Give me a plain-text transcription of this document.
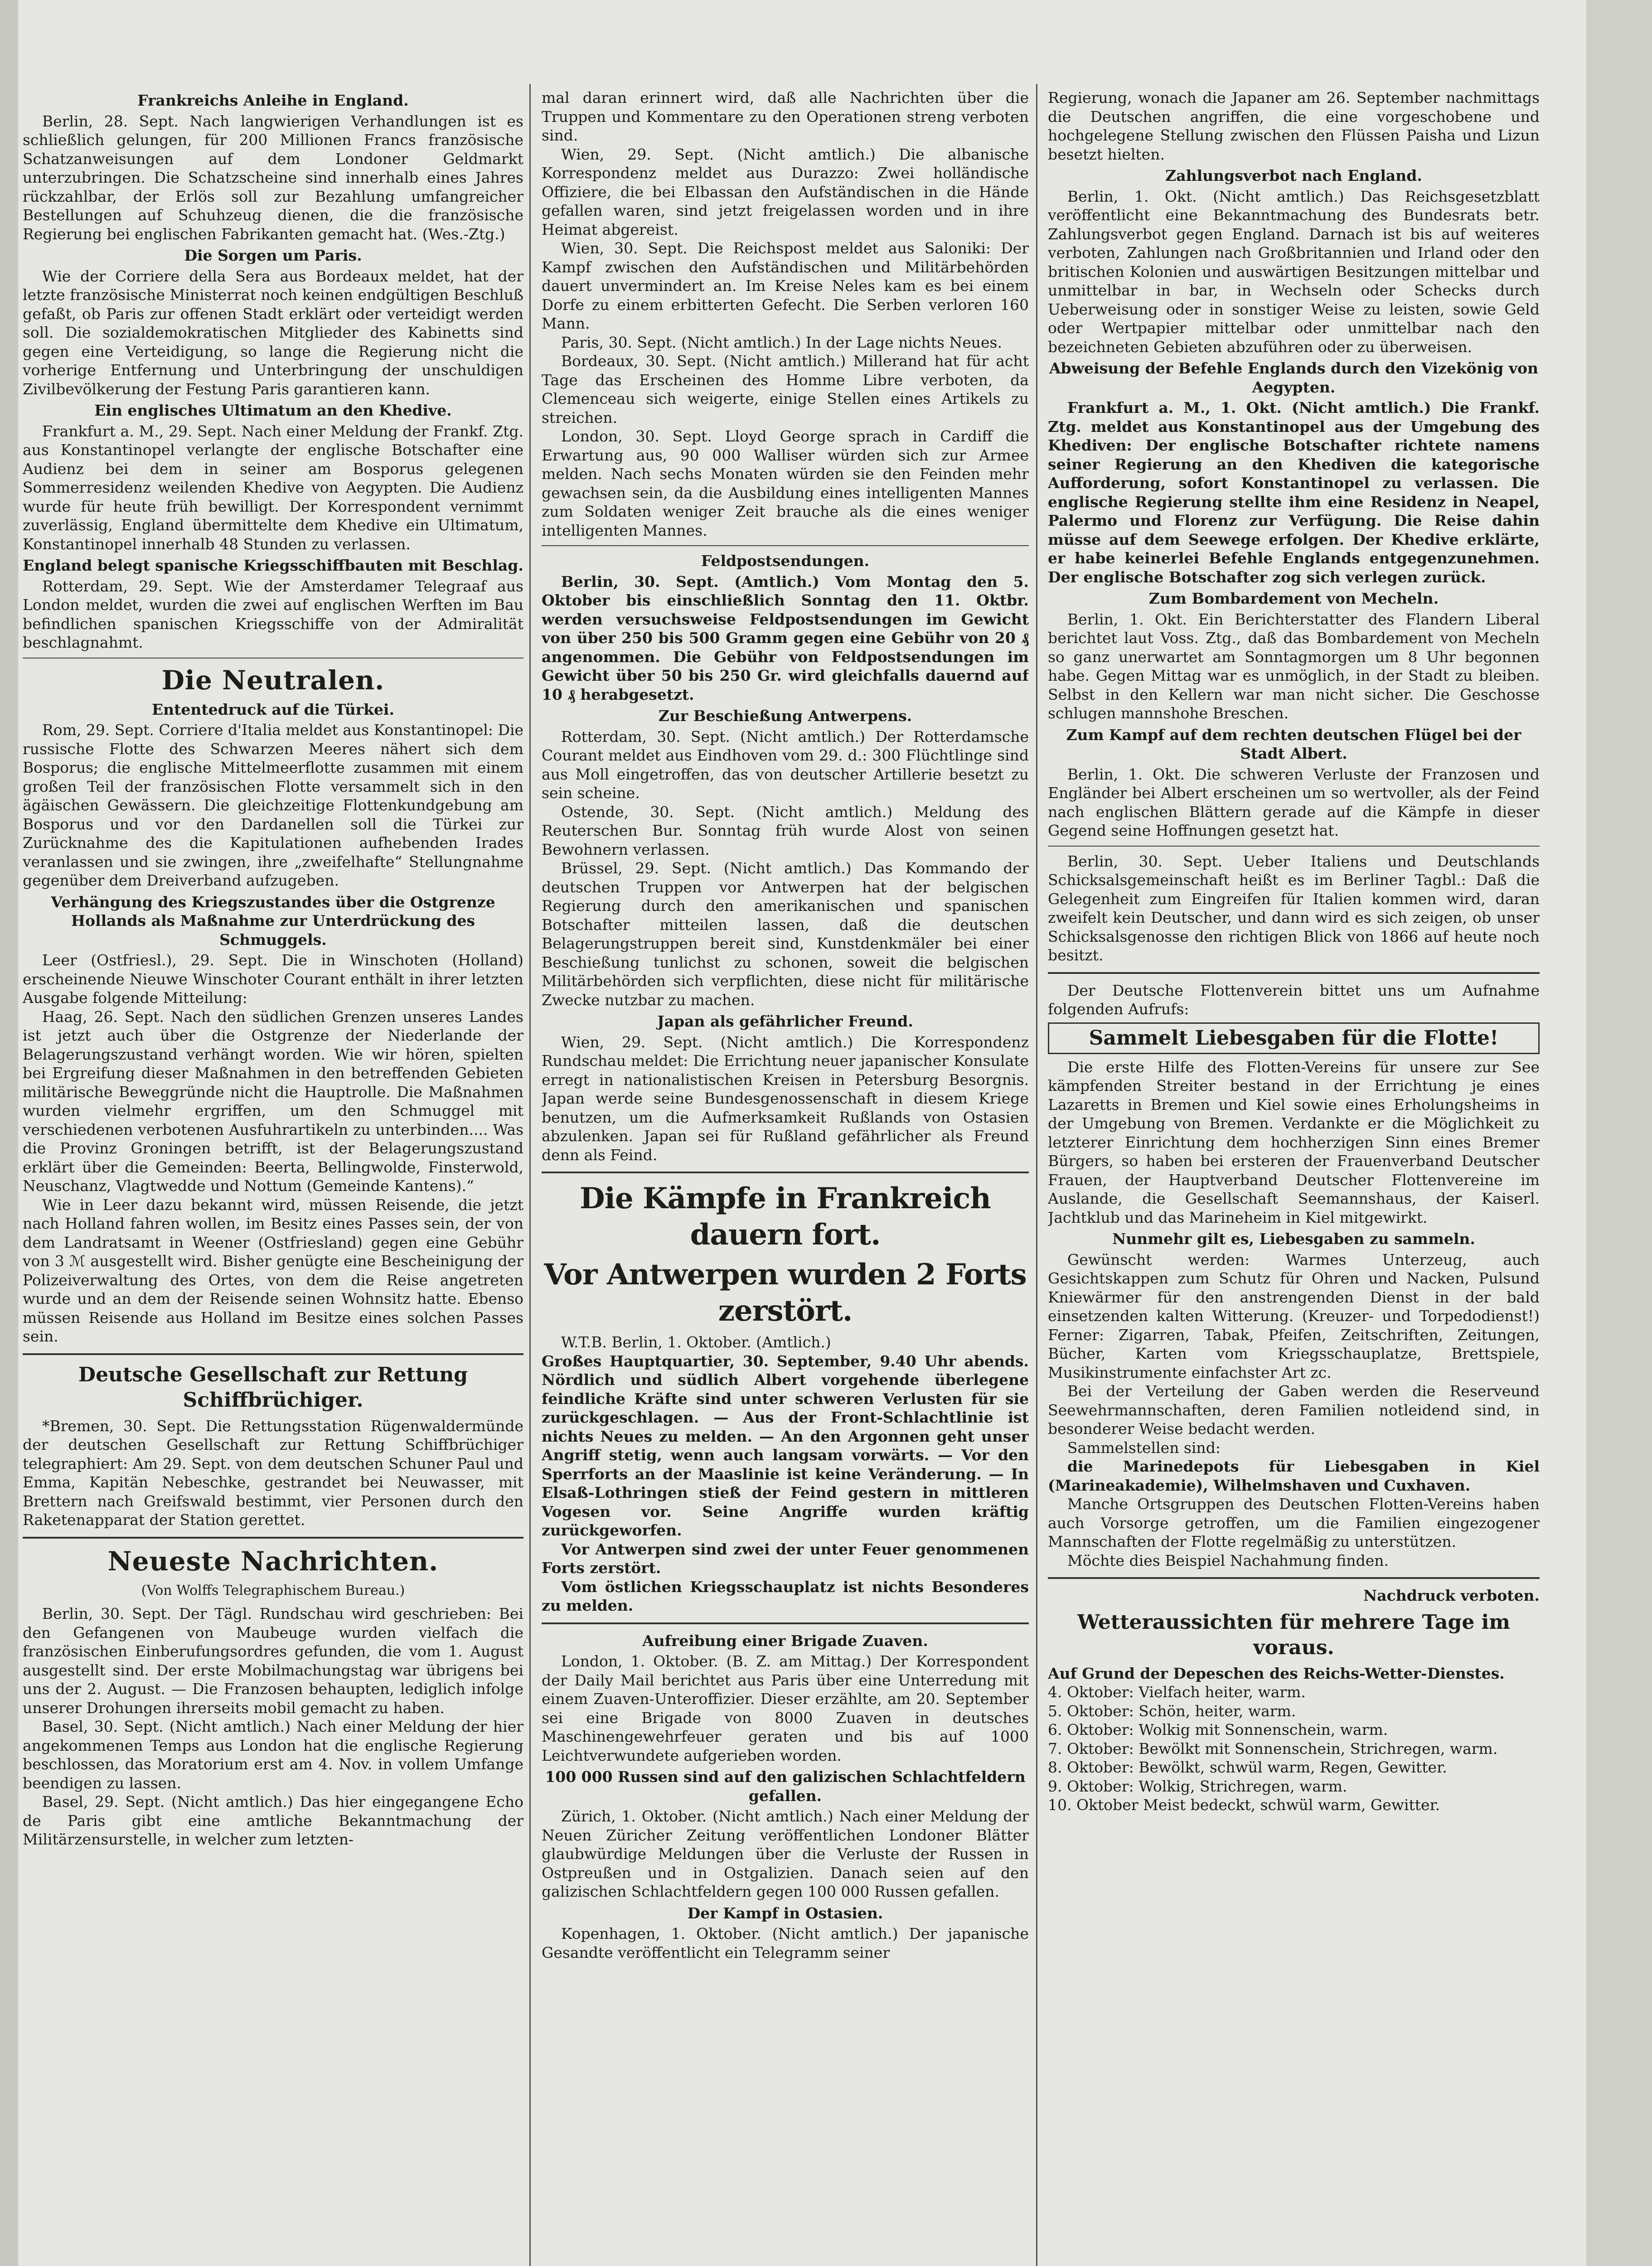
Frankreichs Anleihe in England.

Berlin, 28. Sept. Nach langwierigen Verhandlungen ist es schließlich gelungen, für 200 Millionen Francs französische Schatzanweisungen auf dem Londoner Geldmarkt unterzubringen. Die Schatzscheine sind innerhalb eines Jahres rückzahlbar, der Erlös soll zur Bezahlung umfangreicher Bestellungen auf Schuhzeug dienen, die die französische Regierung bei englischen Fabrikanten gemacht hat. (Wes.-Ztg.)

Die Sorgen um Paris.

Wie der Corriere della Sera aus Bordeaux meldet, hat der letzte französische Ministerrat noch keinen endgültigen Beschluß gefaßt, ob Paris zur offenen Stadt erklärt oder verteidigt werden soll. Die sozialdemokratischen Mitglieder des Kabinetts sind gegen eine Verteidigung, so lange die Regierung nicht die vorherige Entfernung und Unterbringung der unschuldigen Zivilbevölkerung der Festung Paris garantieren kann.

Ein englisches Ultimatum an den Khedive.

Frankfurt a. M., 29. Sept. Nach einer Meldung der Frankf. Ztg. aus Konstantinopel verlangte der englische Botschafter eine Audienz bei dem in seiner am Bosporus gelegenen Sommerresidenz weilenden Khedive von Aegypten. Die Audienz wurde für heute früh bewilligt. Der Korrespondent vernimmt zuverlässig, England übermittelte dem Khedive ein Ultimatum, Konstantinopel innerhalb 48 Stunden zu verlassen.

England belegt spanische Kriegsschiffbauten mit Beschlag.

Rotterdam, 29. Sept. Wie der Amsterdamer Telegraaf aus London meldet, wurden die zwei auf englischen Werften im Bau befindlichen spanischen Kriegsschiffe von der Admiralität beschlagnahmt.

Die Neutralen.
Ententedruck auf die Türkei.

Rom, 29. Sept. Corriere d'Italia meldet aus Konstantinopel: Die russische Flotte des Schwarzen Meeres nähert sich dem Bosporus; die englische Mittelmeerflotte zusammen mit einem großen Teil der französischen Flotte versammelt sich in den ägäischen Gewässern. Die gleichzeitige Flottenkundgebung am Bosporus und vor den Dardanellen soll die Türkei zur Zurücknahme des die Kapitulationen aufhebenden Irades veranlassen und sie zwingen, ihre „zweifelhafte“ Stellungnahme gegenüber dem Dreiverband aufzugeben.

Verhängung des Kriegszustandes über die Ostgrenze Hollands als Maßnahme zur Unterdrückung des Schmuggels.

Leer (Ostfriesl.), 29. Sept. Die in Winschoten (Holland) erscheinende Nieuwe Winschoter Courant enthält in ihrer letzten Ausgabe folgende Mitteilung:

Haag, 26. Sept. Nach den südlichen Grenzen unseres Landes ist jetzt auch über die Ostgrenze der Niederlande der Belagerungszustand verhängt worden. Wie wir hören, spielten bei Ergreifung dieser Maßnahmen in den betreffenden Gebieten militärische Beweggründe nicht die Hauptrolle. Die Maßnahmen wurden vielmehr ergriffen, um den Schmuggel mit verschiedenen verbotenen Ausfuhrartikeln zu unterbinden.... Was die Provinz Groningen betrifft, ist der Belagerungszustand erklärt über die Gemeinden: Beerta, Bellingwolde, Finsterwold, Neuschanz, Vlagtwedde und Nottum (Gemeinde Kantens).“

Wie in Leer dazu bekannt wird, müssen Reisende, die jetzt nach Holland fahren wollen, im Besitz eines Passes sein, der von dem Landratsamt in Weener (Ostfriesland) gegen eine Gebühr von 3 ℳ ausgestellt wird. Bisher genügte eine Bescheinigung der Polizeiverwaltung des Ortes, von dem die Reise angetreten wurde und an dem der Reisende seinen Wohnsitz hatte. Ebenso müssen Reisende aus Holland im Besitze eines solchen Passes sein.

Deutsche Gesellschaft zur Rettung Schiffbrüchiger.

*Bremen, 30. Sept. Die Rettungsstation Rügenwaldermünde der deutschen Gesellschaft zur Rettung Schiffbrüchiger telegraphiert: Am 29. Sept. von dem deutschen Schuner Paul und Emma, Kapitän Nebeschke, gestrandet bei Neuwasser, mit Brettern nach Greifswald bestimmt, vier Personen durch den Raketenapparat der Station gerettet.

Neueste Nachrichten.
(Von Wolffs Telegraphischem Bureau.)

Berlin, 30. Sept. Der Tägl. Rundschau wird geschrieben: Bei den Gefangenen von Maubeuge wurden vielfach die französischen Einberufungsordres gefunden, die vom 1. August ausgestellt sind. Der erste Mobilmachungstag war übrigens bei uns der 2. August. — Die Franzosen behaupten, lediglich infolge unserer Drohungen ihrerseits mobil gemacht zu haben.

Basel, 30. Sept. (Nicht amtlich.) Nach einer Meldung der hier angekommenen Temps aus London hat die englische Regierung beschlossen, das Moratorium erst am 4. Nov. in vollem Umfange beendigen zu lassen.

Basel, 29. Sept. (Nicht amtlich.) Das hier eingegangene Echo de Paris gibt eine amtliche Bekanntmachung der Militärzensurstelle, in welcher zum letzten-

mal daran erinnert wird, daß alle Nachrichten über die Truppen und Kommentare zu den Operationen streng verboten sind.

Wien, 29. Sept. (Nicht amtlich.) Die albanische Korrespondenz meldet aus Durazzo: Zwei holländische Offiziere, die bei Elbassan den Aufständischen in die Hände gefallen waren, sind jetzt freigelassen worden und in ihre Heimat abgereist.

Wien, 30. Sept. Die Reichspost meldet aus Saloniki: Der Kampf zwischen den Aufständischen und Militärbehörden dauert unvermindert an. Im Kreise Neles kam es bei einem Dorfe zu einem erbitterten Gefecht. Die Serben verloren 160 Mann.

Paris, 30. Sept. (Nicht amtlich.) In der Lage nichts Neues.

Bordeaux, 30. Sept. (Nicht amtlich.) Millerand hat für acht Tage das Erscheinen des Homme Libre verboten, da Clemenceau sich weigerte, einige Stellen eines Artikels zu streichen.

London, 30. Sept. Lloyd George sprach in Cardiff die Erwartung aus, 90 000 Walliser würden sich zur Armee melden. Nach sechs Monaten würden sie den Feinden mehr gewachsen sein, da die Ausbildung eines intelligenten Mannes zum Soldaten weniger Zeit brauche als die eines weniger intelligenten Mannes.

Feldpostsendungen.

Berlin, 30. Sept. (Amtlich.) Vom Montag den 5. Oktober bis einschließlich Sonntag den 11. Oktbr. werden versuchsweise Feldpostsendungen im Gewicht von über 250 bis 500 Gramm gegen eine Gebühr von 20 ₰ angenommen. Die Gebühr von Feldpostsendungen im Gewicht über 50 bis 250 Gr. wird gleichfalls dauernd auf 10 ₰ herabgesetzt.

Zur Beschießung Antwerpens.

Rotterdam, 30. Sept. (Nicht amtlich.) Der Rotterdamsche Courant meldet aus Eindhoven vom 29. d.: 300 Flüchtlinge sind aus Moll eingetroffen, das von deutscher Artillerie besetzt zu sein scheine.

Ostende, 30. Sept. (Nicht amtlich.) Meldung des Reuterschen Bur. Sonntag früh wurde Alost von seinen Bewohnern verlassen.

Brüssel, 29. Sept. (Nicht amtlich.) Das Kommando der deutschen Truppen vor Antwerpen hat der belgischen Regierung durch den amerikanischen und spanischen Botschafter mitteilen lassen, daß die deutschen Belagerungstruppen bereit sind, Kunstdenkmäler bei einer Beschießung tunlichst zu schonen, soweit die belgischen Militärbehörden sich verpflichten, diese nicht für militärische Zwecke nutzbar zu machen.

Japan als gefährlicher Freund.

Wien, 29. Sept. (Nicht amtlich.) Die Korrespondenz Rundschau meldet: Die Errichtung neuer japanischer Konsulate erregt in nationalistischen Kreisen in Petersburg Besorgnis. Japan werde seine Bundesgenossenschaft in diesem Kriege benutzen, um die Aufmerksamkeit Rußlands von Ostasien abzulenken. Japan sei für Rußland gefährlicher als Freund denn als Feind.

Die Kämpfe in Frankreich dauern fort.
Vor Antwerpen wurden 2 Forts zerstört.

W.T.B. Berlin, 1. Oktober. (Amtlich.)

Großes Hauptquartier, 30. September, 9.40 Uhr abends. Nördlich und südlich Albert vorgehende überlegene feindliche Kräfte sind unter schweren Verlusten für sie zurückgeschlagen. — Aus der Front-Schlachtlinie ist nichts Neues zu melden. — An den Argonnen geht unser Angriff stetig, wenn auch langsam vorwärts. — Vor den Sperrforts an der Maaslinie ist keine Veränderung. — In Elsaß-Lothringen stieß der Feind gestern in mittleren Vogesen vor. Seine Angriffe wurden kräftig zurückgeworfen.

Vor Antwerpen sind zwei der unter Feuer genommenen Forts zerstört.

Vom östlichen Kriegsschauplatz ist nichts Besonderes zu melden.

Aufreibung einer Brigade Zuaven.

London, 1. Oktober. (B. Z. am Mittag.) Der Korrespondent der Daily Mail berichtet aus Paris über eine Unterredung mit einem Zuaven-Unteroffizier. Dieser erzählte, am 20. September sei eine Brigade von 8000 Zuaven in deutsches Maschinengewehrfeuer geraten und bis auf 1000 Leichtverwundete aufgerieben worden.

100 000 Russen sind auf den galizischen Schlachtfeldern gefallen.

Zürich, 1. Oktober. (Nicht amtlich.) Nach einer Meldung der Neuen Züricher Zeitung veröffentlichen Londoner Blätter glaubwürdige Meldungen über die Verluste der Russen in Ostpreußen und in Ostgalizien. Danach seien auf den galizischen Schlachtfeldern gegen 100 000 Russen gefallen.

Der Kampf in Ostasien.

Kopenhagen, 1. Oktober. (Nicht amtlich.) Der japanische Gesandte veröffentlicht ein Telegramm seiner

Regierung, wonach die Japaner am 26. September nachmittags die Deutschen angriffen, die eine vorgeschobene und hochgelegene Stellung zwischen den Flüssen Paisha und Lizun besetzt hielten.

Zahlungsverbot nach England.

Berlin, 1. Okt. (Nicht amtlich.) Das Reichsgesetzblatt veröffentlicht eine Bekanntmachung des Bundesrats betr. Zahlungsverbot gegen England. Darnach ist bis auf weiteres verboten, Zahlungen nach Großbritannien und Irland oder den britischen Kolonien und auswärtigen Besitzungen mittelbar und unmittelbar in bar, in Wechseln oder Schecks durch Ueberweisung oder in sonstiger Weise zu leisten, sowie Geld oder Wertpapier mittelbar oder unmittelbar nach den bezeichneten Gebieten abzuführen oder zu überweisen.

Abweisung der Befehle Englands durch den Vizekönig von Aegypten.

Frankfurt a. M., 1. Okt. (Nicht amtlich.) Die Frankf. Ztg. meldet aus Konstantinopel aus der Umgebung des Khediven: Der englische Botschafter richtete namens seiner Regierung an den Khediven die kategorische Aufforderung, sofort Konstantinopel zu verlassen. Die englische Regierung stellte ihm eine Residenz in Neapel, Palermo und Florenz zur Verfügung. Die Reise dahin müsse auf dem Seewege erfolgen. Der Khedive erklärte, er habe keinerlei Befehle Englands entgegenzunehmen. Der englische Botschafter zog sich verlegen zurück.

Zum Bombardement von Mecheln.

Berlin, 1. Okt. Ein Berichterstatter des Flandern Liberal berichtet laut Voss. Ztg., daß das Bombardement von Mecheln so ganz unerwartet am Sonntagmorgen um 8 Uhr begonnen habe. Gegen Mittag war es unmöglich, in der Stadt zu bleiben. Selbst in den Kellern war man nicht sicher. Die Geschosse schlugen mannshohe Breschen.

Zum Kampf auf dem rechten deutschen Flügel bei der Stadt Albert.

Berlin, 1. Okt. Die schweren Verluste der Franzosen und Engländer bei Albert erscheinen um so wertvoller, als der Feind nach englischen Blättern gerade auf die Kämpfe in dieser Gegend seine Hoffnungen gesetzt hat.

Berlin, 30. Sept. Ueber Italiens und Deutschlands Schicksalsgemeinschaft heißt es im Berliner Tagbl.: Daß die Gelegenheit zum Eingreifen für Italien kommen wird, daran zweifelt kein Deutscher, und dann wird es sich zeigen, ob unser Schicksalsgenosse den richtigen Blick von 1866 auf heute noch besitzt.

Der Deutsche Flottenverein bittet uns um Aufnahme folgenden Aufrufs:

Sammelt Liebesgaben für die Flotte!

Die erste Hilfe des Flotten-Vereins für unsere zur See kämpfenden Streiter bestand in der Errichtung je eines Lazaretts in Bremen und Kiel sowie eines Erholungsheims in der Umgebung von Bremen. Verdankte er die Möglichkeit zu letzterer Einrichtung dem hochherzigen Sinn eines Bremer Bürgers, so haben bei ersteren der Frauenverband Deutscher Frauen, der Hauptverband Deutscher Flottenvereine im Auslande, die Gesellschaft Seemannshaus, der Kaiserl. Jachtklub und das Marineheim in Kiel mitgewirkt.

Nunmehr gilt es, Liebesgaben zu sammeln.

Gewünscht werden: Warmes Unterzeug, auch Gesichtskappen zum Schutz für Ohren und Nacken, Pulsund Kniewärmer für den anstrengenden Dienst in der bald einsetzenden kalten Witterung. (Kreuzer- und Torpedodienst!) Ferner: Zigarren, Tabak, Pfeifen, Zeitschriften, Zeitungen, Bücher, Karten vom Kriegsschauplatze, Brettspiele, Musikinstrumente einfachster Art zc.

Bei der Verteilung der Gaben werden die Reserveund Seewehrmannschaften, deren Familien notleidend sind, in besonderer Weise bedacht werden.

Sammelstellen sind:

die Marinedepots für Liebesgaben in Kiel (Marineakademie), Wilhelmshaven und Cuxhaven.

Manche Ortsgruppen des Deutschen Flotten-Vereins haben auch Vorsorge getroffen, um die Familien eingezogener Mannschaften der Flotte regelmäßig zu unterstützen.

Möchte dies Beispiel Nachahmung finden.

Nachdruck verboten.
Wetteraussichten für mehrere Tage im voraus.

Auf Grund der Depeschen des Reichs-Wetter-Dienstes.

4. Oktober: Vielfach heiter, warm.
5. Oktober: Schön, heiter, warm.
6. Oktober: Wolkig mit Sonnenschein, warm.
7. Oktober: Bewölkt mit Sonnenschein, Strichregen, warm.
8. Oktober: Bewölkt, schwül warm, Regen, Gewitter.
9. Oktober: Wolkig, Strichregen, warm.
10. Oktober Meist bedeckt, schwül warm, Gewitter.
